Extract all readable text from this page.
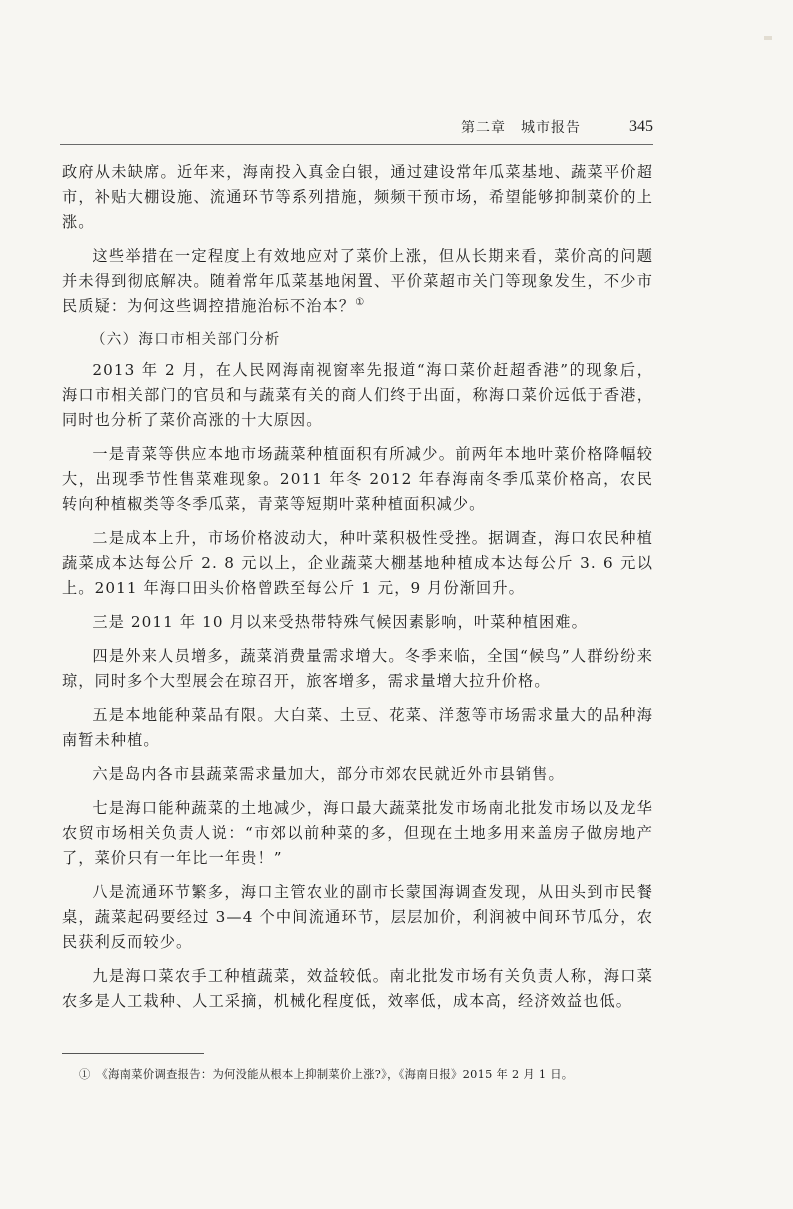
第二章　城市报告	345

政府从未缺席。近年来，海南投入真金白银，通过建设常年瓜菜基地、蔬菜平价超市，补贴大棚设施、流通环节等系列措施，频频干预市场，希望能够抑制菜价的上涨。

这些举措在一定程度上有效地应对了菜价上涨，但从长期来看，菜价高的问题并未得到彻底解决。随着常年瓜菜基地闲置、平价菜超市关门等现象发生，不少市民质疑：为何这些调控措施治标不治本？①

（六）海口市相关部门分析

2013 年 2 月，在人民网海南视窗率先报道“海口菜价赶超香港”的现象后，海口市相关部门的官员和与蔬菜有关的商人们终于出面，称海口菜价远低于香港，同时也分析了菜价高涨的十大原因。

一是青菜等供应本地市场蔬菜种植面积有所减少。前两年本地叶菜价格降幅较大，出现季节性售菜难现象。2011 年冬 2012 年春海南冬季瓜菜价格高，农民转向种植椒类等冬季瓜菜，青菜等短期叶菜种植面积减少。

二是成本上升，市场价格波动大，种叶菜积极性受挫。据调查，海口农民种植蔬菜成本达每公斤 2. 8 元以上，企业蔬菜大棚基地种植成本达每公斤 3. 6 元以上。2011 年海口田头价格曾跌至每公斤 1 元，9 月份渐回升。

三是 2011 年 10 月以来受热带特殊气候因素影响，叶菜种植困难。

四是外来人员增多，蔬菜消费量需求增大。冬季来临，全国“候鸟”人群纷纷来琼，同时多个大型展会在琼召开，旅客增多，需求量增大拉升价格。

五是本地能种菜品有限。大白菜、土豆、花菜、洋葱等市场需求量大的品种海南暂未种植。

六是岛内各市县蔬菜需求量加大，部分市郊农民就近外市县销售。

七是海口能种蔬菜的土地减少，海口最大蔬菜批发市场南北批发市场以及龙华农贸市场相关负责人说：“市郊以前种菜的多，但现在土地多用来盖房子做房地产了，菜价只有一年比一年贵！”

八是流通环节繁多，海口主管农业的副市长蒙国海调查发现，从田头到市民餐桌，蔬菜起码要经过 3—4 个中间流通环节，层层加价，利润被中间环节瓜分，农民获利反而较少。

九是海口菜农手工种植蔬菜，效益较低。南北批发市场有关负责人称，海口菜农多是人工栽种、人工采摘，机械化程度低，效率低，成本高，经济效益也低。

①　《海南菜价调查报告：为何没能从根本上抑制菜价上涨?》，《海南日报》2015 年 2 月 1 日。
